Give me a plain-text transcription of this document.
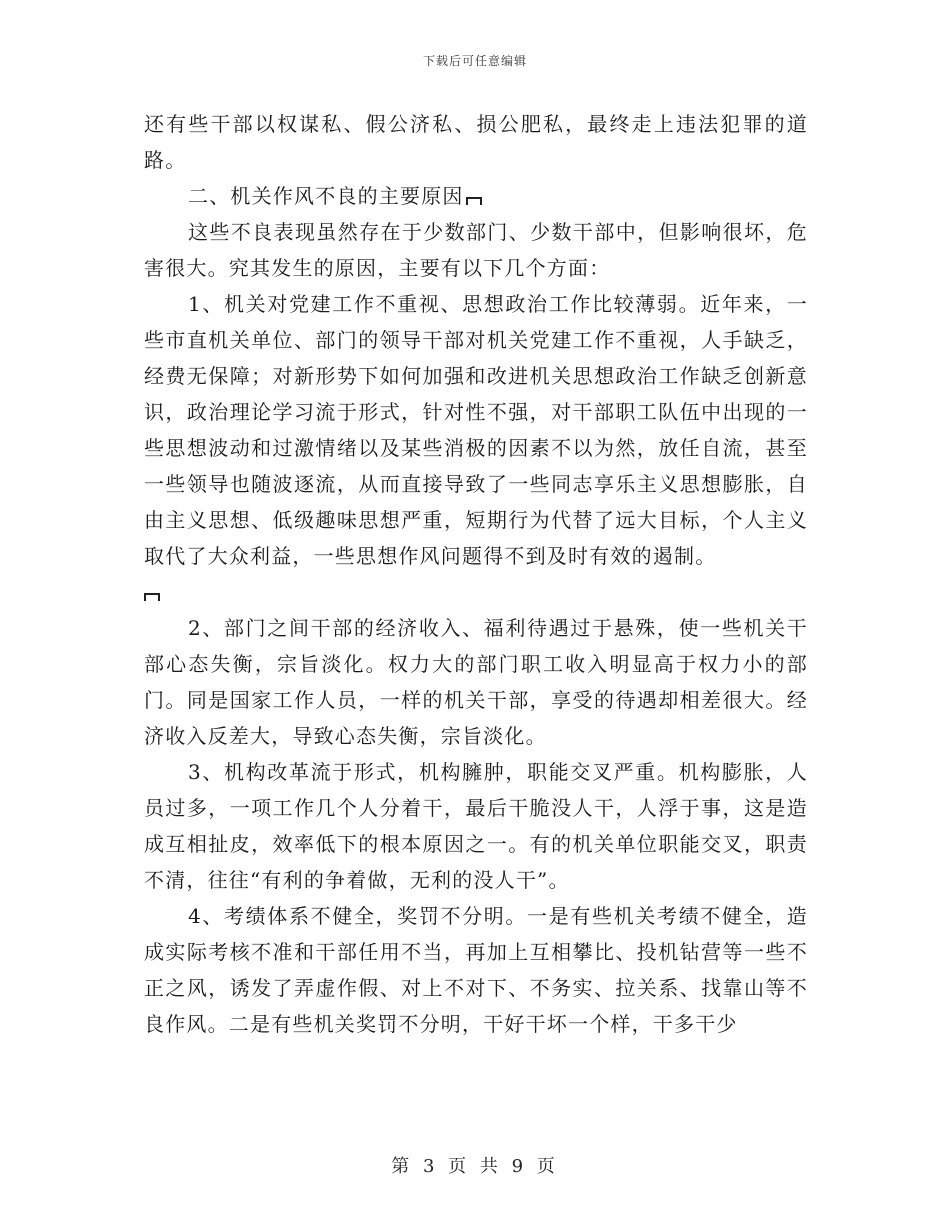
下载后可任意编辑

还有些干部以权谋私、假公济私、损公肥私，最终走上违法犯罪的道路。

二、机关作风不良的主要原因

这些不良表现虽然存在于少数部门、少数干部中，但影响很坏，危害很大。究其发生的原因，主要有以下几个方面：

1、机关对党建工作不重视、思想政治工作比较薄弱。近年来，一些市直机关单位、部门的领导干部对机关党建工作不重视，人手缺乏，经费无保障；对新形势下如何加强和改进机关思想政治工作缺乏创新意识，政治理论学习流于形式，针对性不强，对干部职工队伍中出现的一些思想波动和过激情绪以及某些消极的因素不以为然，放任自流，甚至一些领导也随波逐流，从而直接导致了一些同志享乐主义思想膨胀，自由主义思想、低级趣味思想严重，短期行为代替了远大目标，个人主义取代了大众利益，一些思想作风问题得不到及时有效的遏制。

2、部门之间干部的经济收入、福利待遇过于悬殊，使一些机关干部心态失衡，宗旨淡化。权力大的部门职工收入明显高于权力小的部门。同是国家工作人员，一样的机关干部，享受的待遇却相差很大。经济收入反差大，导致心态失衡，宗旨淡化。

3、机构改革流于形式，机构臃肿，职能交叉严重。机构膨胀，人员过多，一项工作几个人分着干，最后干脆没人干，人浮于事，这是造成互相扯皮，效率低下的根本原因之一。有的机关单位职能交叉，职责不清，往往“有利的争着做，无利的没人干”。

4、考绩体系不健全，奖罚不分明。一是有些机关考绩不健全，造成实际考核不准和干部任用不当，再加上互相攀比、投机钻营等一些不正之风，诱发了弄虚作假、对上不对下、不务实、拉关系、找靠山等不良作风。二是有些机关奖罚不分明，干好干坏一个样，干多干少

第 3 页 共 9 页
